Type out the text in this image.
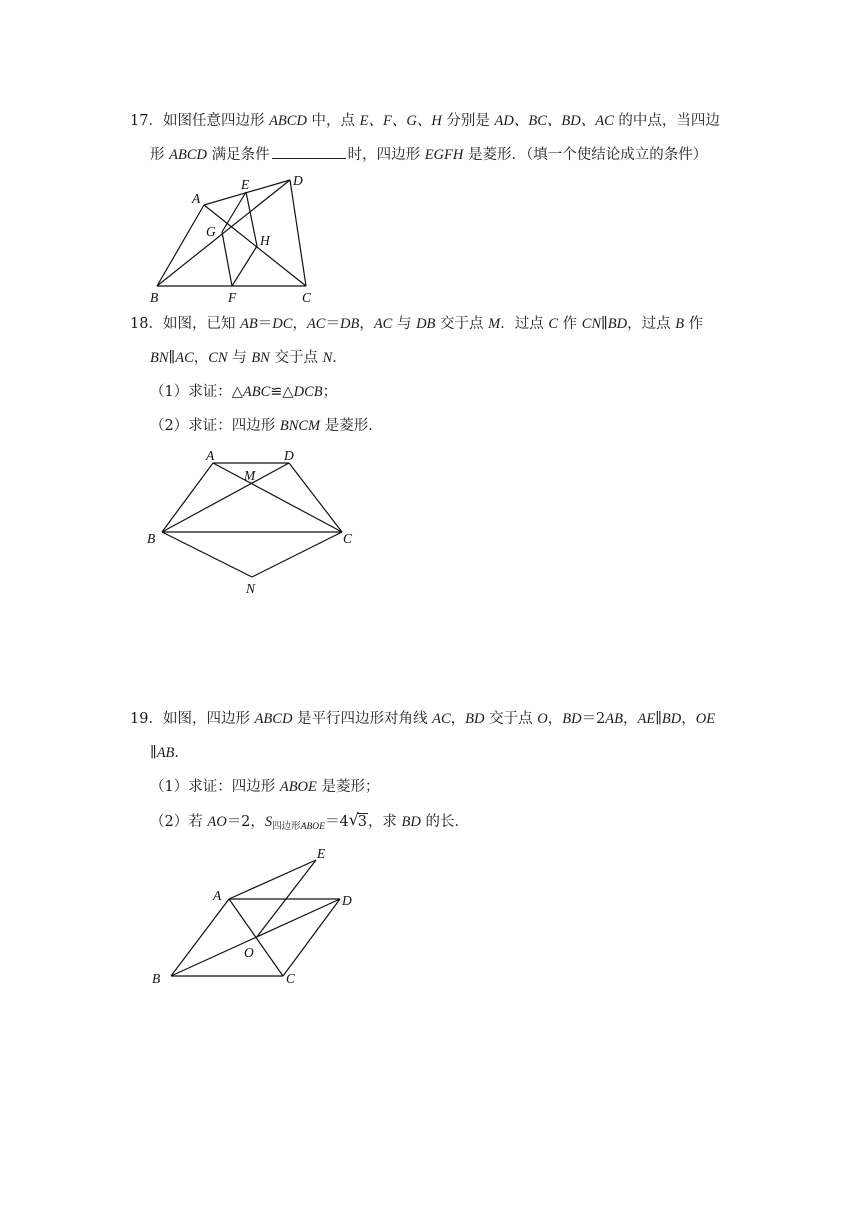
17．如图任意四边形 ABCD 中，点 E、F、G、H 分别是 AD、BC、BD、AC 的中点，当四边
形 ABCD 满足条件	时，四边形 EGFH 是菱形．（填一个使结论成立的条件）
A
E	D
G
H
B	F	C
18．如图，已知 AB＝DC，AC＝DB，AC 与 DB 交于点 M．过点 C 作 CN∥BD，过点 B 作
BN∥AC，CN 与 BN 交于点 N．
（1）求证：△ABC≌△DCB；
（2）求证：四边形 BNCM 是菱形．
A	D
M
B	C
N
19．如图，四边形 ABCD 是平行四边形对角线 AC，BD 交于点 O，BD＝2AB，AE∥BD，OE
∥AB．
（1）求证：四边形 ABOE 是菱形；
（2）若 AO＝2，$S_{四边形ABOE}=4$ √
3，求 BD 的长．
A
E
D
O
B	C
